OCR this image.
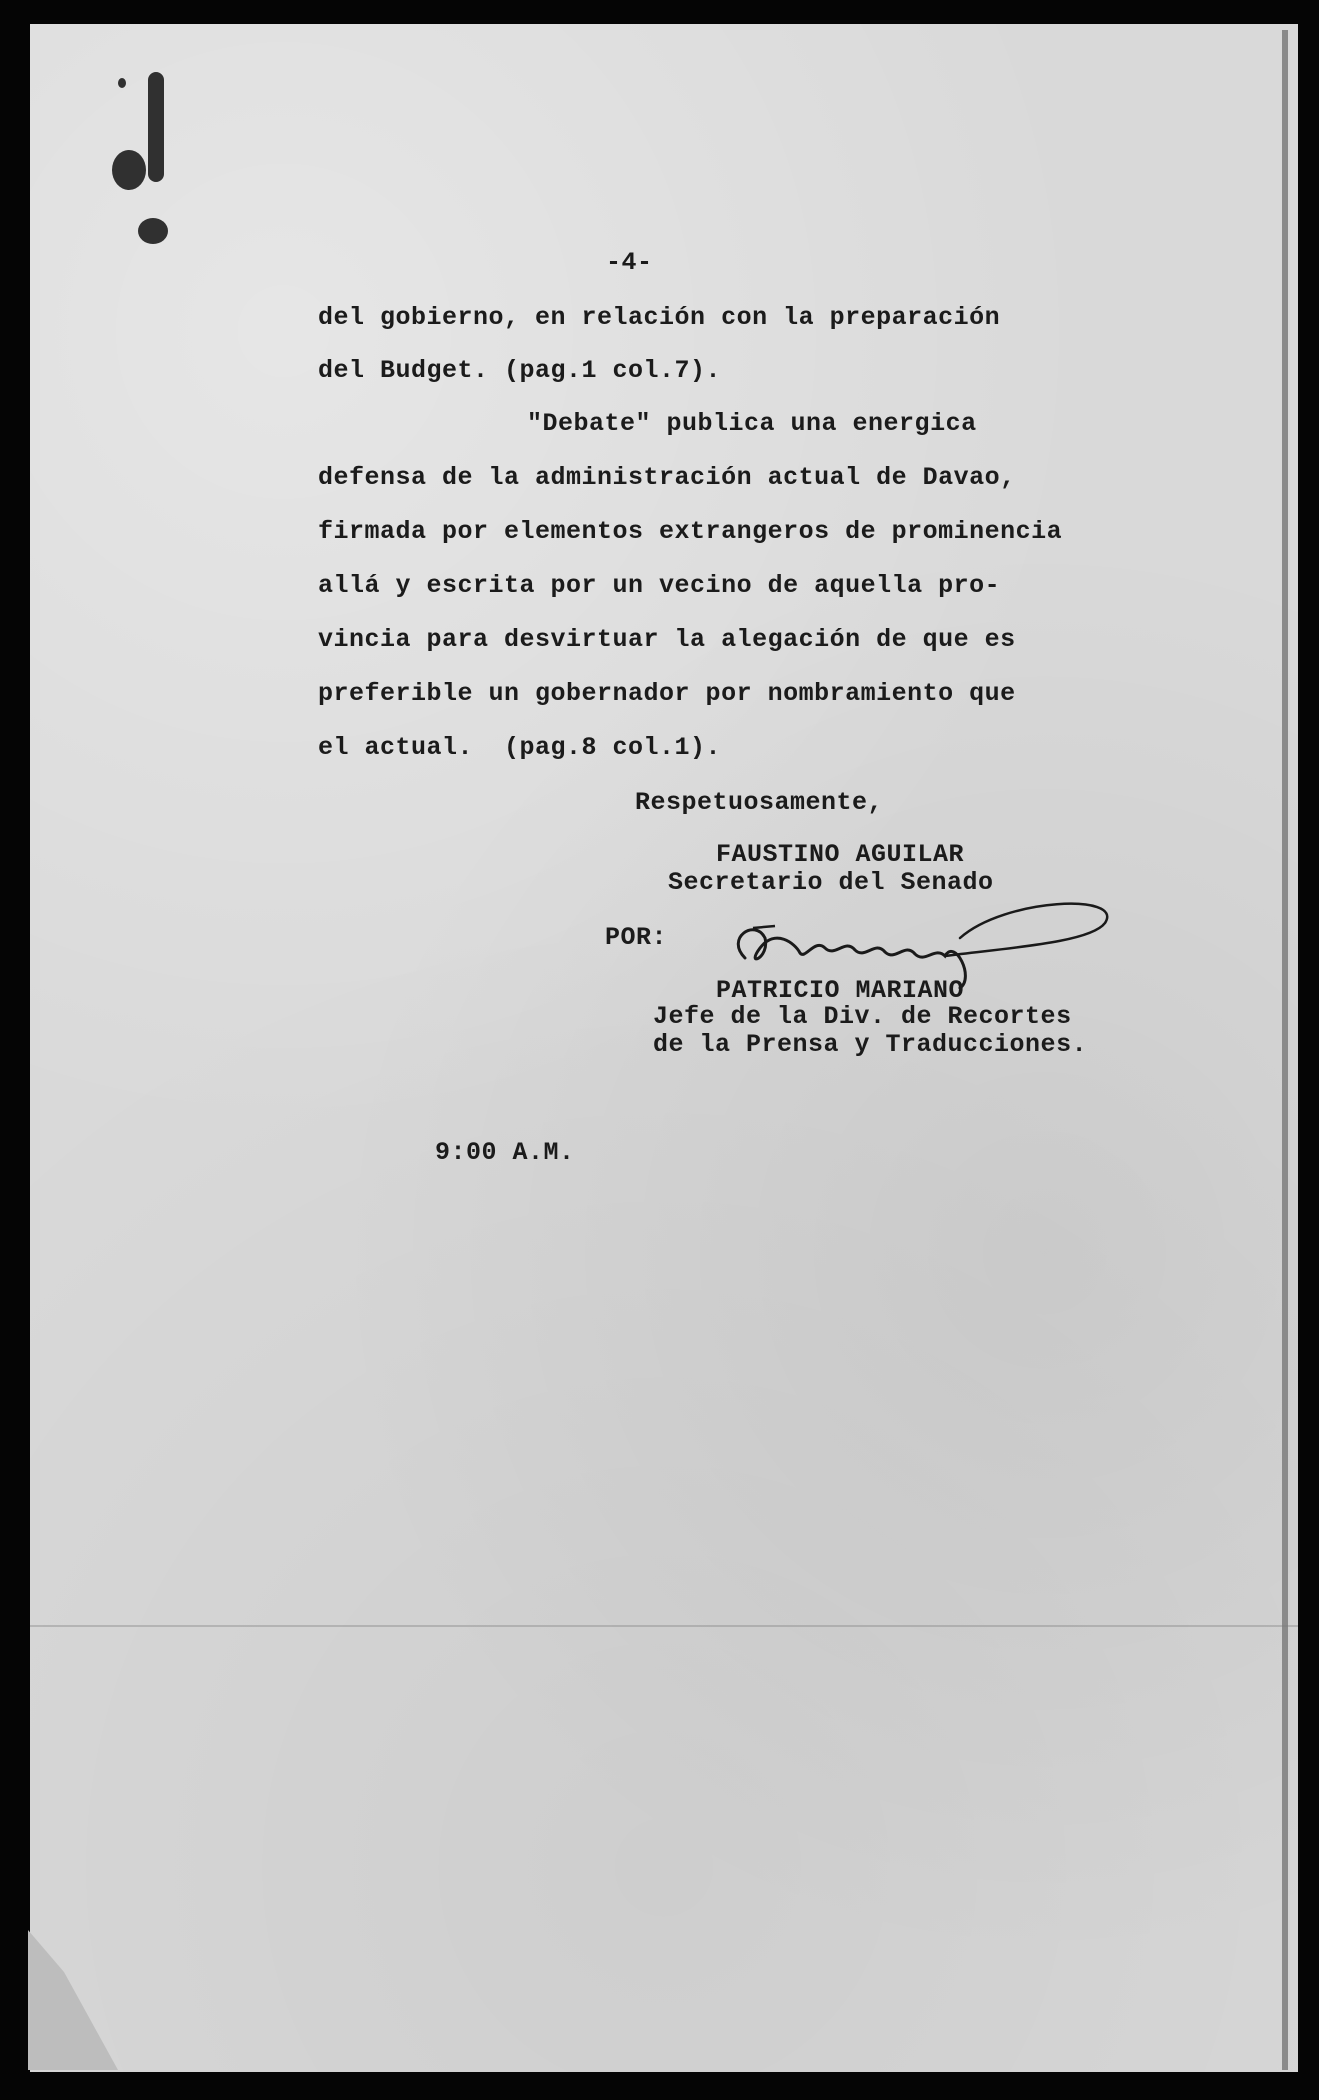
-4-
del gobierno, en relación con la preparación
del Budget. (pag.1 col.7).
"Debate" publica una energica
defensa de la administración actual de Davao,
firmada por elementos extrangeros de prominencia
allá y escrita por un vecino de aquella pro-
vincia para desvirtuar la alegación de que es
preferible un gobernador por nombramiento que
el actual.  (pag.8 col.1).
Respetuosamente,
FAUSTINO AGUILAR
Secretario del Senado
POR:
PATRICIO MARIANO
Jefe de la Div. de Recortes
de la Prensa y Traducciones.
9:00 A.M.
